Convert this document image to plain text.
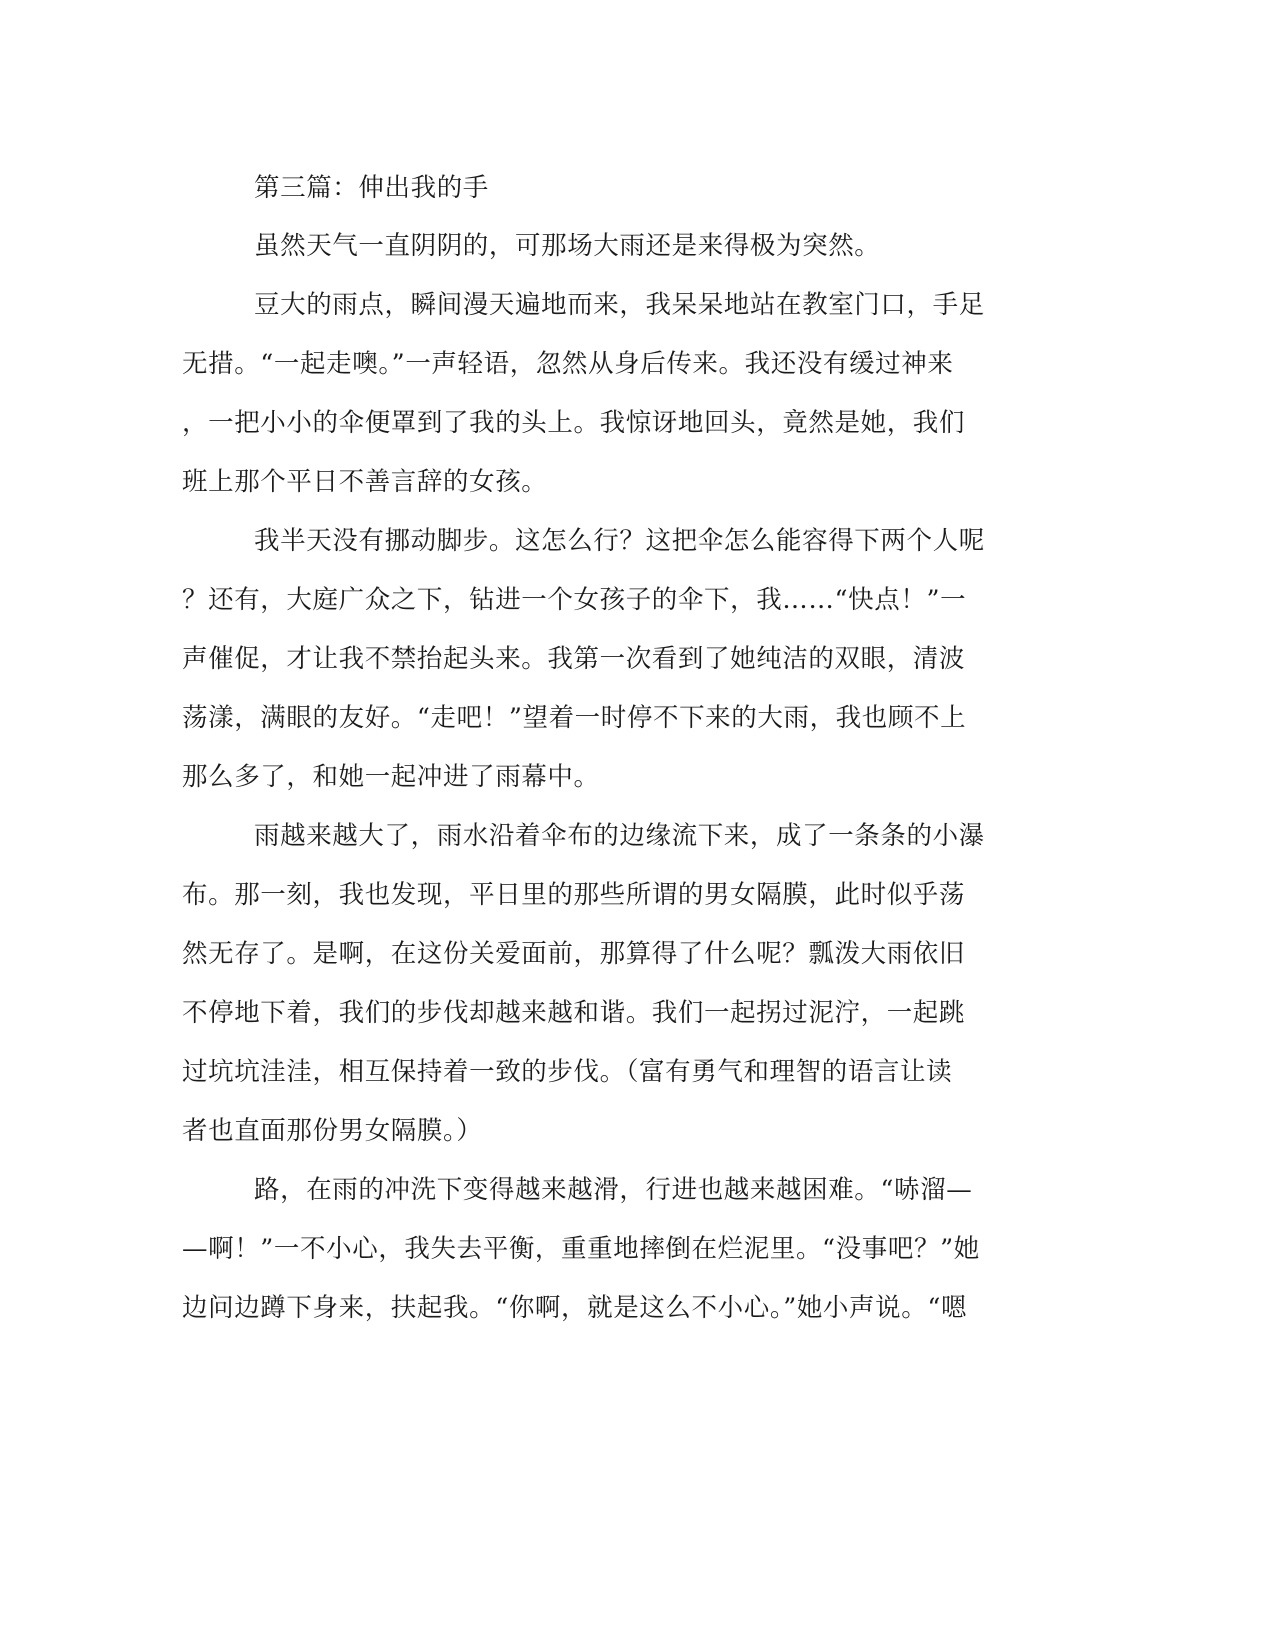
第三篇：伸出我的手
虽然天气一直阴阴的，可那场大雨还是来得极为突然。
豆大的雨点，瞬间漫天遍地而来，我呆呆地站在教室门口，手足
无措。“一起走噢。”一声轻语，忽然从身后传来。我还没有缓过神来
，一把小小的伞便罩到了我的头上。我惊讶地回头，竟然是她，我们
班上那个平日不善言辞的女孩。
我半天没有挪动脚步。这怎么行？这把伞怎么能容得下两个人呢
？还有，大庭广众之下，钻进一个女孩子的伞下，我……“快点！”一
声催促，才让我不禁抬起头来。我第一次看到了她纯洁的双眼，清波
荡漾，满眼的友好。“走吧！”望着一时停不下来的大雨，我也顾不上
那么多了，和她一起冲进了雨幕中。
雨越来越大了，雨水沿着伞布的边缘流下来，成了一条条的小瀑
布。那一刻，我也发现，平日里的那些所谓的男女隔膜，此时似乎荡
然无存了。是啊，在这份关爱面前，那算得了什么呢？瓢泼大雨依旧
不停地下着，我们的步伐却越来越和谐。我们一起拐过泥泞，一起跳
过坑坑洼洼，相互保持着一致的步伐。（富有勇气和理智的语言让读
者也直面那份男女隔膜。）
路，在雨的冲洗下变得越来越滑，行进也越来越困难。“哧溜—
—啊！”一不小心，我失去平衡，重重地摔倒在烂泥里。“没事吧？”她
边问边蹲下身来，扶起我。“你啊，就是这么不小心。”她小声说。“嗯
